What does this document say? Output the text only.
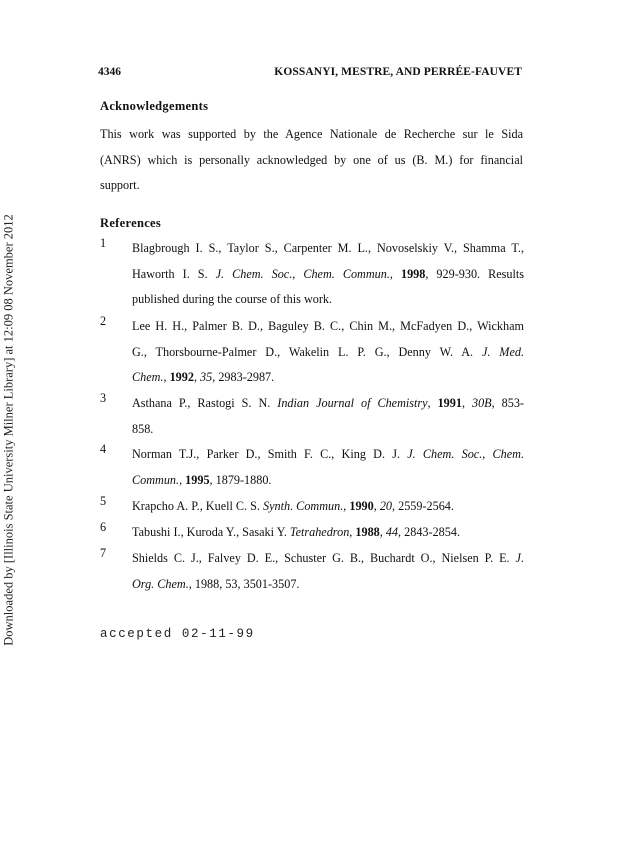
Downloaded by [Illinois State University Milner Library] at 12:09 08 November 2012
4346	KOSSANYI, MESTRE, AND PERRÉE-FAUVET
Acknowledgements
This work was supported by the Agence Nationale de Recherche sur le Sida
(ANRS) which is personally acknowledged by one of us (B. M.) for financial
support.
References
1	Blagbrough I. S., Taylor S., Carpenter M. L., Novoselskiy V., Shamma T.,
Haworth I. S. J. Chem. Soc., Chem. Commun., 1998, 929-930. Results
published during the course of this work.
2	Lee H. H., Palmer B. D., Baguley B. C., Chin M., McFadyen D., Wickham
G., Thorsbourne-Palmer D., Wakelin L. P. G., Denny W. A. J. Med.
Chem., 1992, 35, 2983-2987.
3	Asthana P., Rastogi S. N. Indian Journal of Chemistry, 1991, 30B, 853-
858.
4	Norman T.J., Parker D., Smith F. C., King D. J. J. Chem. Soc., Chem.
Commun., 1995, 1879-1880.
5	Krapcho A. P., Kuell C. S. Synth. Commun., 1990, 20, 2559-2564.
6	Tabushi I., Kuroda Y., Sasaki Y. Tetrahedron, 1988, 44, 2843-2854.
7	Shields C. J., Falvey D. E., Schuster G. B., Buchardt O., Nielsen P. E. J.
Org. Chem., 1988, 53, 3501-3507.
accepted 02-11-99
